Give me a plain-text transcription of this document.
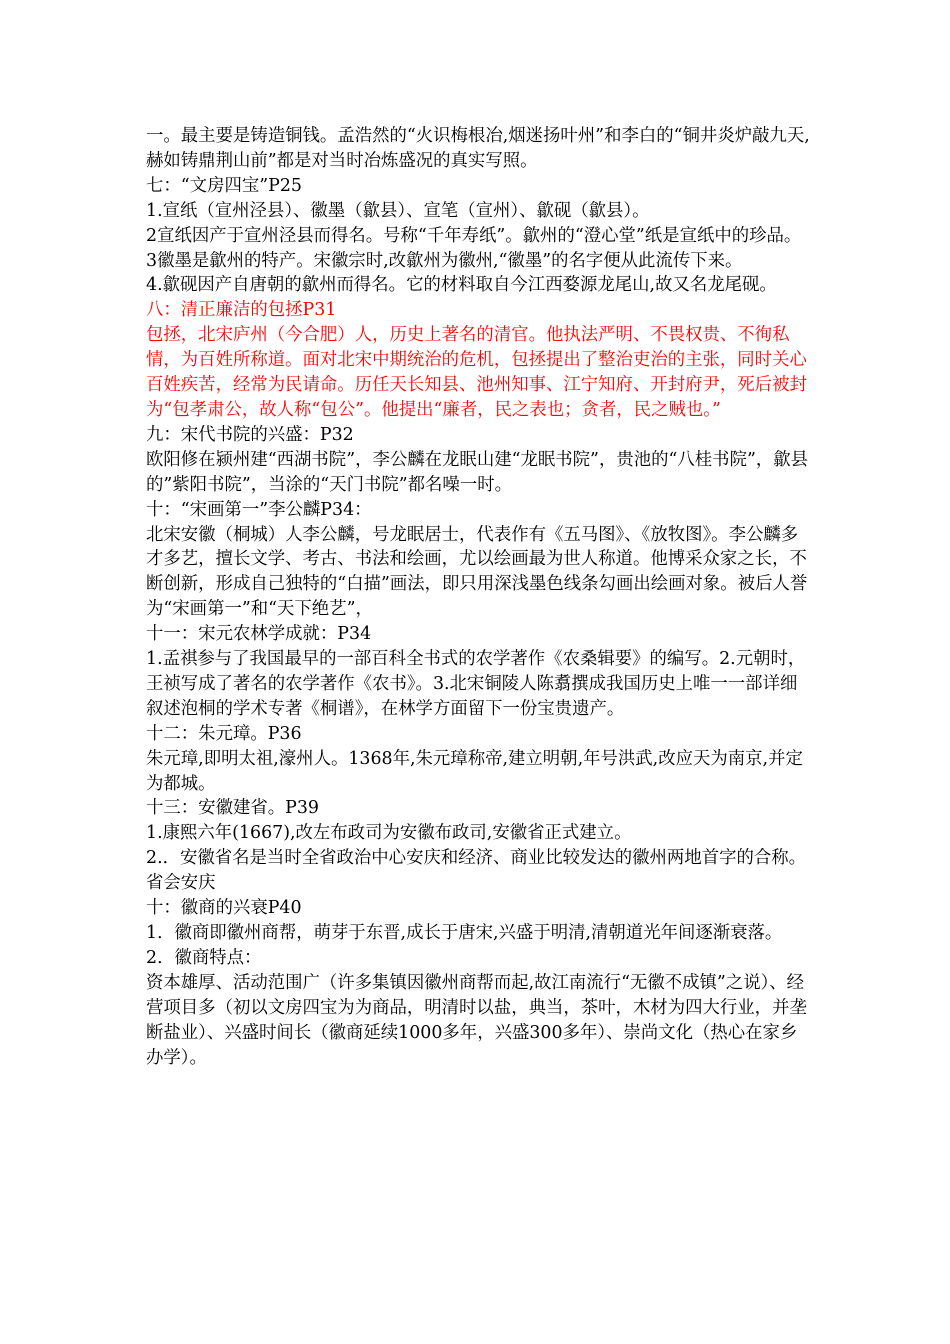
一。最主要是铸造铜钱。孟浩然的“火识梅根冶,烟迷扬叶州”和李白的“铜井炎炉敲九天,赫如铸鼎荆山前”都是对当时冶炼盛况的真实写照。

七：“文房四宝”P25

1.宣纸（宣州泾县）、徽墨（歙县）、宣笔（宣州）、歙砚（歙县）。

2宣纸因产于宣州泾县而得名。号称“千年寿纸”。歙州的“澄心堂”纸是宣纸中的珍品。

3徽墨是歙州的特产。宋徽宗时,改歙州为徽州,“徽墨”的名字便从此流传下来。

4.歙砚因产自唐朝的歙州而得名。它的材料取自今江西婺源龙尾山,故又名龙尾砚。

八：清正廉洁的包拯P31

包拯，北宋庐州（今合肥）人，历史上著名的清官。他执法严明、不畏权贵、不徇私情，为百姓所称道。面对北宋中期统治的危机，包拯提出了整治吏治的主张，同时关心百姓疾苦，经常为民请命。历任天长知县、池州知事、江宁知府、开封府尹，死后被封为“包孝肃公，故人称“包公”。他提出“廉者，民之表也；贪者，民之贼也。”

九：宋代书院的兴盛：P32

欧阳修在颍州建“西湖书院”，李公麟在龙眠山建“龙眠书院”，贵池的“八桂书院”，歙县的”紫阳书院”，当涂的“天门书院”都名噪一时。

十：“宋画第一”李公麟P34：

北宋安徽（桐城）人李公麟，号龙眠居士，代表作有《五马图》、《放牧图》。李公麟多才多艺，擅长文学、考古、书法和绘画，尤以绘画最为世人称道。他博采众家之长，不断创新，形成自己独特的“白描”画法，即只用深浅墨色线条勾画出绘画对象。被后人誉为“宋画第一”和“天下绝艺”，

十一：宋元农林学成就：P34

1.孟祺参与了我国最早的一部百科全书式的农学著作《农桑辑要》的编写。2.元朝时，王祯写成了著名的农学著作《农书》。3.北宋铜陵人陈翥撰成我国历史上唯一一部详细叙述泡桐的学术专著《桐谱》，在林学方面留下一份宝贵遗产。

十二：朱元璋。P36

朱元璋,即明太祖,濠州人。1368年,朱元璋称帝,建立明朝,年号洪武,改应天为南京,并定为都城。

十三：安徽建省。P39

1.康熙六年(1667),改左布政司为安徽布政司,安徽省正式建立。

2.．安徽省名是当时全省政治中心安庆和经济、商业比较发达的徽州两地首字的合称。省会安庆

十：徽商的兴衰P40

1．徽商即徽州商帮，萌芽于东晋,成长于唐宋,兴盛于明清,清朝道光年间逐渐衰落。

2．徽商特点：

资本雄厚、活动范围广（许多集镇因徽州商帮而起,故江南流行“无徽不成镇”之说）、经营项目多（初以文房四宝为为商品，明清时以盐，典当，茶叶，木材为四大行业，并垄断盐业）、兴盛时间长（徽商延续1000多年，兴盛300多年）、崇尚文化（热心在家乡办学）。
